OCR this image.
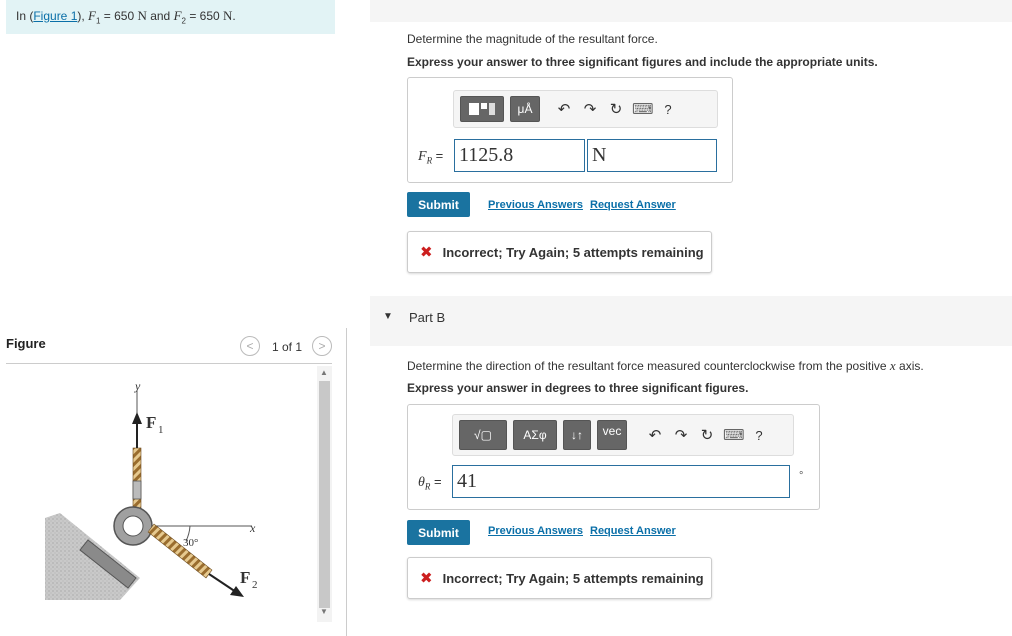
In (Figure 1), $F_1 = 650$ N and $F_2 = 650$ N.
Figure	< 1 of 1 >
y
x
F 1
F 2
30°
▲
▼
Determine the magnitude of the resultant force.
Express your answer to three significant figures and include the appropriate units.
μÅ	↶ ↷ ↻ ⌨ ?
$F_R = 1125.8$	N
Submit	Previous Answers Request Answer
✖ Incorrect; Try Again; 5 attempts remaining
▼ Part B
Determine the direction of the resultant force measured counterclockwise from the positive x axis.
Express your answer in degrees to three significant figures.
√▢	ΑΣφ	↓↑	vec	↶ ↷ ↻ ⌨ ?
$\theta_R = 41$	°
Submit	Previous Answers Request Answer
✖ Incorrect; Try Again; 5 attempts remaining
